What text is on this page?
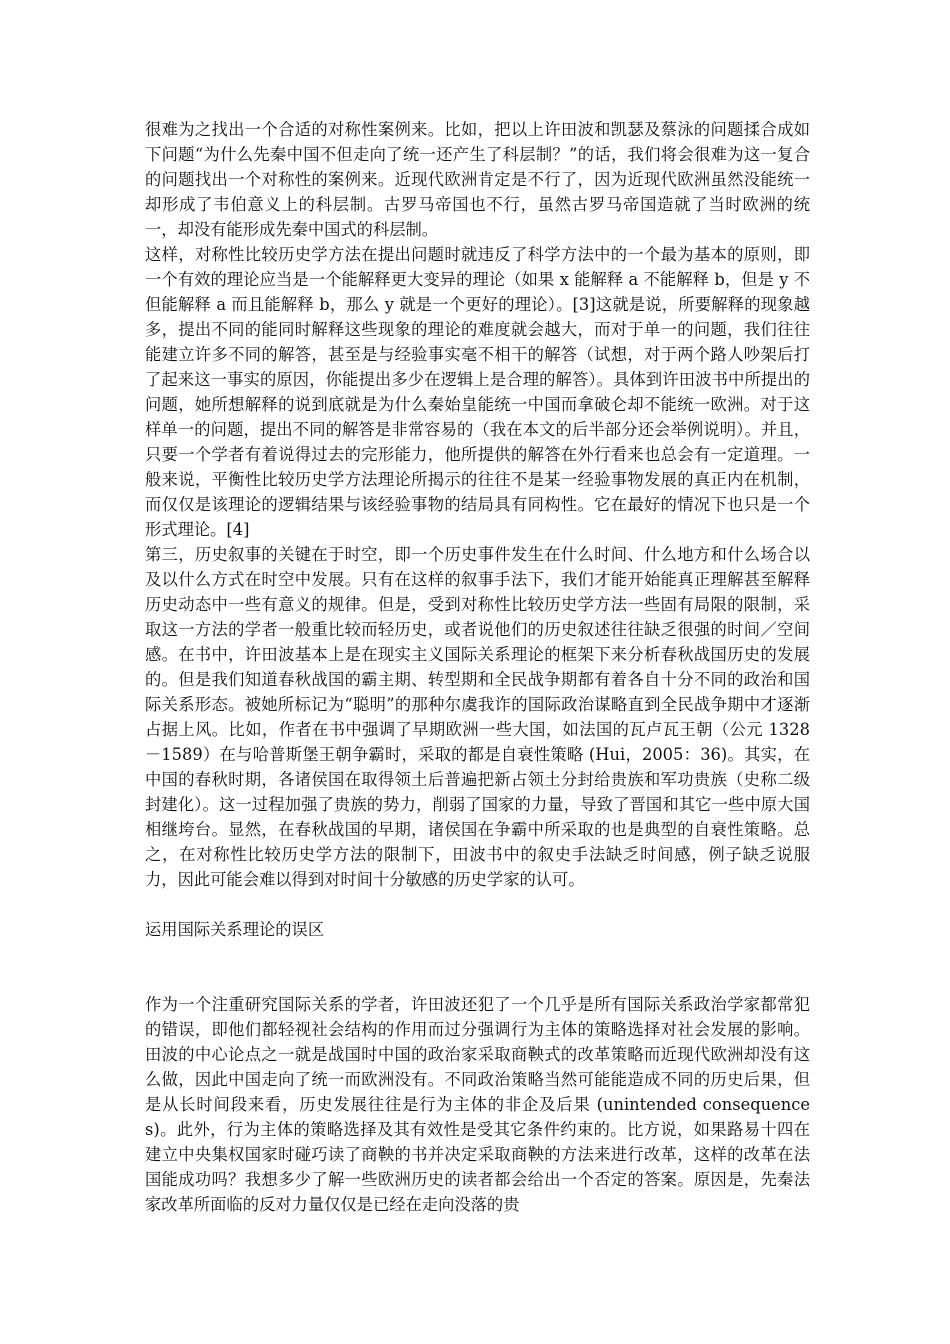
很难为之找出一个合适的对称性案例来。比如，把以上许田波和凯瑟及蔡泳的问题揉合成如下问题“为什么先秦中国不但走向了统一还产生了科层制？”的话，我们将会很难为这一复合的问题找出一个对称性的案例来。近现代欧洲肯定是不行了，因为近现代欧洲虽然没能统一却形成了韦伯意义上的科层制。古罗马帝国也不行，虽然古罗马帝国造就了当时欧洲的统一，却没有能形成先秦中国式的科层制。

这样，对称性比较历史学方法在提出问题时就违反了科学方法中的一个最为基本的原则，即一个有效的理论应当是一个能解释更大变异的理论（如果 x 能解释 a 不能解释 b，但是 y 不但能解释 a 而且能解释 b，那么 y 就是一个更好的理论）。[3]这就是说，所要解释的现象越多，提出不同的能同时解释这些现象的理论的难度就会越大，而对于单一的问题，我们往往能建立许多不同的解答，甚至是与经验事实毫不相干的解答（试想，对于两个路人吵架后打了起来这一事实的原因，你能提出多少在逻辑上是合理的解答）。具体到许田波书中所提出的问题，她所想解释的说到底就是为什么秦始皇能统一中国而拿破仑却不能统一欧洲。对于这样单一的问题，提出不同的解答是非常容易的（我在本文的后半部分还会举例说明）。并且，只要一个学者有着说得过去的完形能力，他所提供的解答在外行看来也总会有一定道理。一般来说，平衡性比较历史学方法理论所揭示的往往不是某一经验事物发展的真正内在机制，而仅仅是该理论的逻辑结果与该经验事物的结局具有同构性。它在最好的情况下也只是一个形式理论。[4]

第三，历史叙事的关键在于时空，即一个历史事件发生在什么时间、什么地方和什么场合以及以什么方式在时空中发展。只有在这样的叙事手法下，我们才能开始能真正理解甚至解释历史动态中一些有意义的规律。但是，受到对称性比较历史学方法一些固有局限的限制，采取这一方法的学者一般重比较而轻历史，或者说他们的历史叙述往往缺乏很强的时间／空间感。在书中，许田波基本上是在现实主义国际关系理论的框架下来分析春秋战国历史的发展的。但是我们知道春秋战国的霸主期、转型期和全民战争期都有着各自十分不同的政治和国际关系形态。被她所标记为“聪明”的那种尔虞我诈的国际政治谋略直到全民战争期中才逐渐占据上风。比如，作者在书中强调了早期欧洲一些大国，如法国的瓦卢瓦王朝（公元 1328－1589）在与哈普斯堡王朝争霸时，采取的都是自衰性策略 (Hui，2005：36)。其实，在中国的春秋时期，各诸侯国在取得领土后普遍把新占领土分封给贵族和军功贵族（史称二级封建化）。这一过程加强了贵族的势力，削弱了国家的力量，导致了晋国和其它一些中原大国相继垮台。显然，在春秋战国的早期，诸侯国在争霸中所采取的也是典型的自衰性策略。总之，在对称性比较历史学方法的限制下，田波书中的叙史手法缺乏时间感，例子缺乏说服力，因此可能会难以得到对时间十分敏感的历史学家的认可。

运用国际关系理论的误区

作为一个注重研究国际关系的学者，许田波还犯了一个几乎是所有国际关系政治学家都常犯的错误，即他们都轻视社会结构的作用而过分强调行为主体的策略选择对社会发展的影响。田波的中心论点之一就是战国时中国的政治家采取商鞅式的改革策略而近现代欧洲却没有这么做，因此中国走向了统一而欧洲没有。不同政治策略当然可能能造成不同的历史后果，但是从长时间段来看，历史发展往往是行为主体的非企及后果 (unintended consequences)。此外，行为主体的策略选择及其有效性是受其它条件约束的。比方说，如果路易十四在建立中央集权国家时碰巧读了商鞅的书并决定采取商鞅的方法来进行改革，这样的改革在法国能成功吗？我想多少了解一些欧洲历史的读者都会给出一个否定的答案。原因是，先秦法家改革所面临的反对力量仅仅是已经在走向没落的贵
